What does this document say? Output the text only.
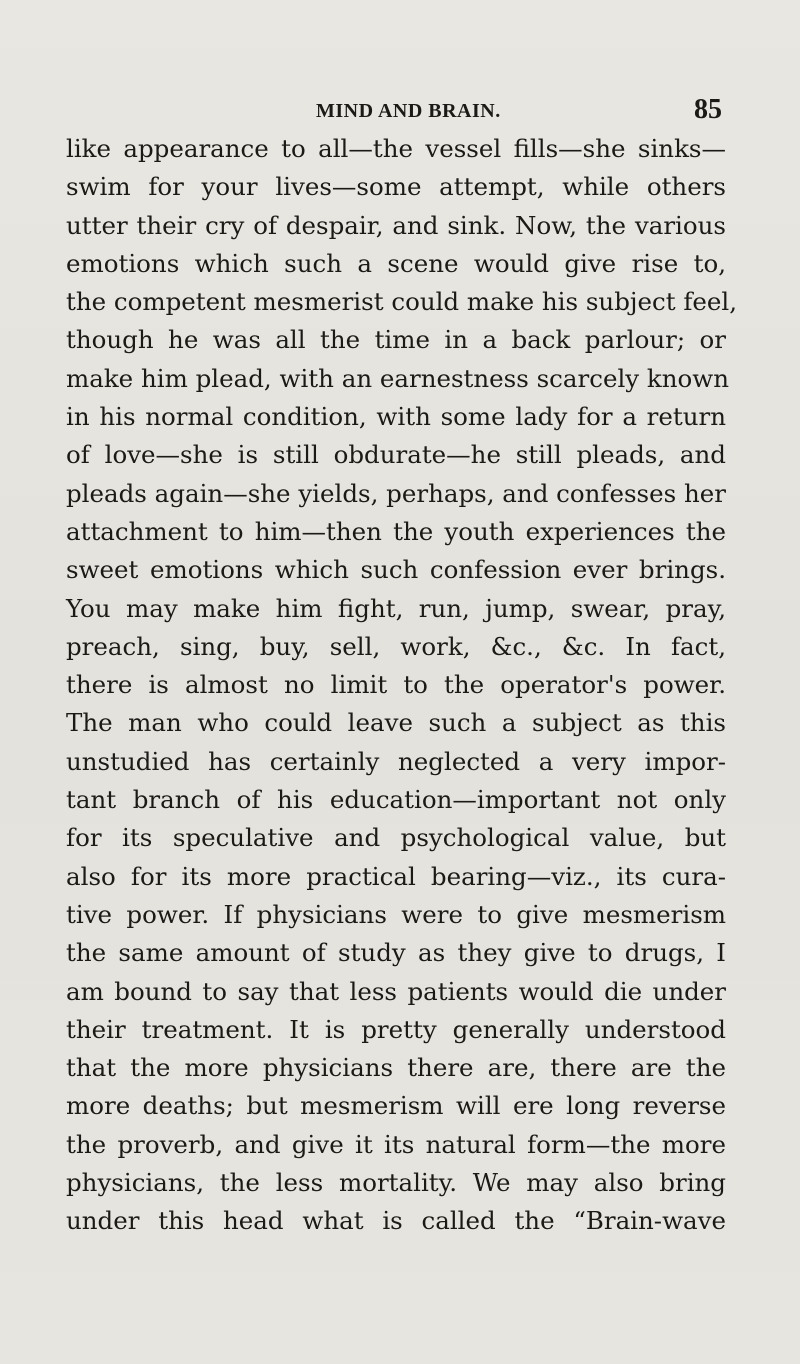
MIND AND BRAIN.	85
like appearance to all—the vessel fills—she sinks—
swim for your lives—some attempt, while others
utter their cry of despair, and sink. Now, the various
emotions which such a scene would give rise to,
the competent mesmerist could make his subject feel,
though he was all the time in a back parlour; or
make him plead, with an earnestness scarcely known
in his normal condition, with some lady for a return
of love—she is still obdurate—he still pleads, and
pleads again—she yields, perhaps, and confesses her
attachment to him—then the youth experiences the
sweet emotions which such confession ever brings.
You may make him fight, run, jump, swear, pray,
preach, sing, buy, sell, work, &c., &c. In fact,
there is almost no limit to the operator's power.
The man who could leave such a subject as this
unstudied has certainly neglected a very impor-
tant branch of his education—important not only
for its speculative and psychological value, but
also for its more practical bearing—viz., its cura-
tive power. If physicians were to give mesmerism
the same amount of study as they give to drugs, I
am bound to say that less patients would die under
their treatment. It is pretty generally understood
that the more physicians there are, there are the
more deaths; but mesmerism will ere long reverse
the proverb, and give it its natural form—the more
physicians, the less mortality. We may also bring
under this head what is called the “Brain-wave
